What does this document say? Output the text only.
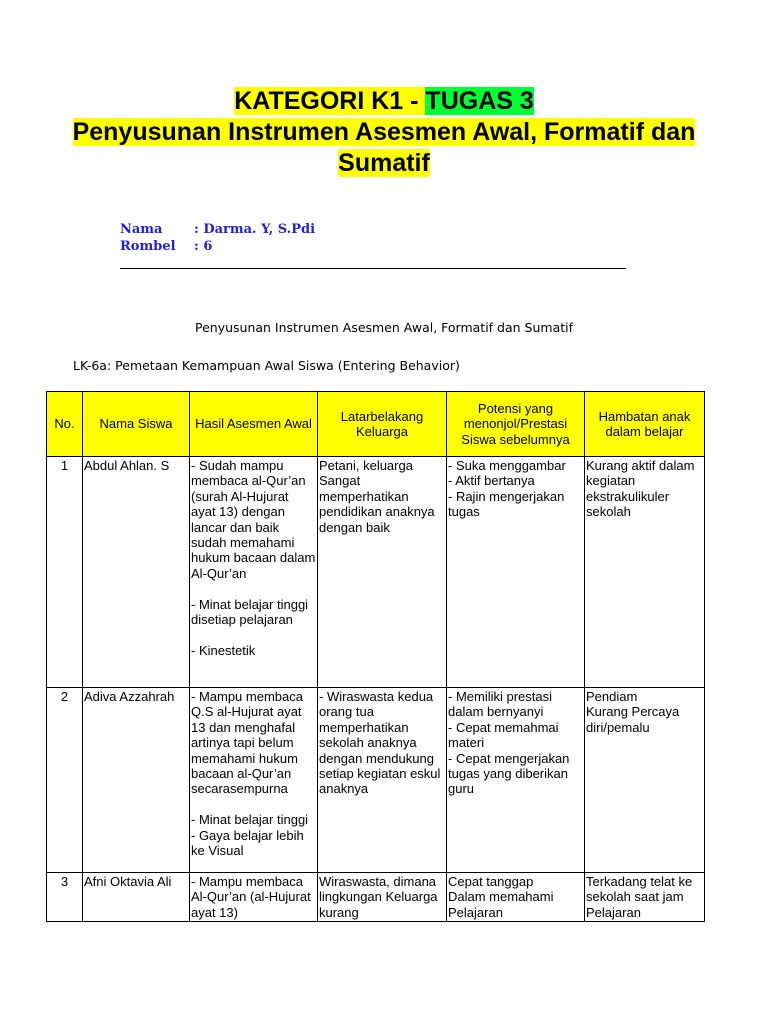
KATEGORI K1 - TUGAS 3
Penyusunan Instrumen Asesmen Awal, Formatif dan
Sumatif
Nama : Darma. Y, S.Pdi
Rombel : 6
Penyusunan Instrumen Asesmen Awal, Formatif dan Sumatif
LK-6a: Pemetaan Kemampuan Awal Siswa (Entering Behavior)
No.	Nama Siswa	Hasil Asesmen Awal	Latarbelakang Keluarga	Potensi yang menonjol/Prestasi Siswa sebelumnya	Hambatan anak dalam belajar
1	Abdul Ahlan. S	- Sudah mampu membaca al-Qur’an (surah Al-Hujurat ayat 13) dengan lancar dan baik sudah memahami hukum bacaan dalam Al-Qur’an

- Minat belajar tinggi disetiap pelajaran

- Kinestetik	Petani, keluarga Sangat memperhatikan pendidikan anaknya dengan baik	- Suka menggambar
- Aktif bertanya
- Rajin mengerjakan tugas	Kurang aktif dalam kegiatan ekstrakulikuler sekolah
2	Adiva Azzahrah	- Mampu membaca Q.S al-Hujurat ayat 13 dan menghafal artinya tapi belum memahami hukum bacaan al-Qur’an secarasempurna

- Minat belajar tinggi
- Gaya belajar lebih ke Visual	- Wiraswasta kedua orang tua memperhatikan sekolah anaknya dengan mendukung setiap kegiatan eskul anaknya	- Memiliki prestasi dalam bernyanyi
- Cepat memahmai materi
- Cepat mengerjakan tugas yang diberikan guru	Pendiam
Kurang Percaya diri/pemalu
3	Afni Oktavia Ali	- Mampu membaca Al-Qur’an (al-Hujurat ayat 13)	Wiraswasta, dimana lingkungan Keluarga kurang	Cepat tanggap
Dalam memahami Pelajaran	Terkadang telat ke sekolah saat jam Pelajaran
